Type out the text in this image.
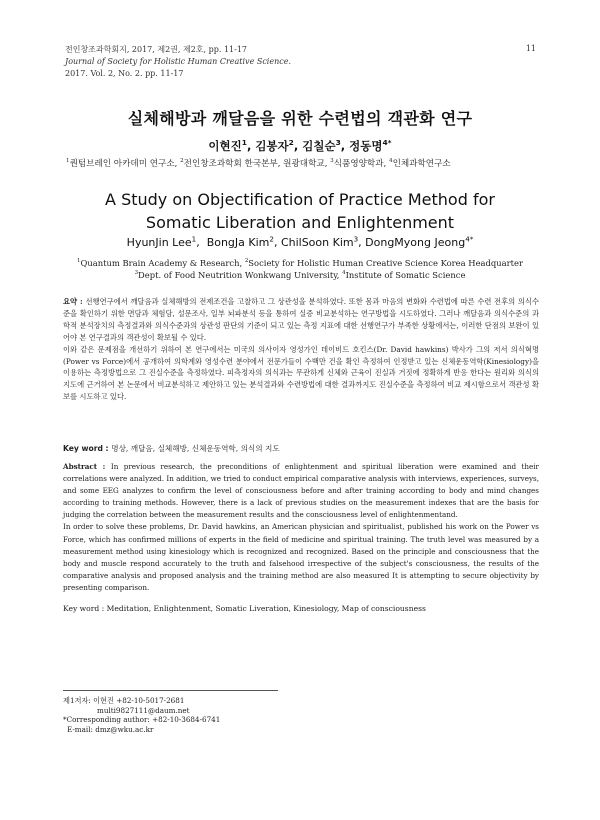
전인창조과학회지, 2017, 제2권, 제2호, pp. 11-17
Journal of Society for Holistic Human Creative Science.
2017. Vol. 2, No. 2. pp. 11-17
11
실체해방과 깨달음을 위한 수련법의 객관화 연구
이현진$^1$, 김봉자$^2$, 김칠순$^3$, 정동명$^{4*}$
$^1$퀀텀브레인 아카데미 연구소, $^2$전인창조과학회 한국본부, 원광대학교, $^3$식품영양학과, $^4$인체과학연구소
A Study on Objectification of Practice Method for
Somatic Liberation and Enlightenment
HyunJin Lee$^1$,  BongJa Kim$^2$, ChilSoon Kim$^3$, DongMyong Jeong$^{4*}$
$^1$Quantum Brain Academy & Research, $^2$Society for Holistic Human Creative Science Korea Headquarter
$^3$Dept. of Food Neutrition Wonkwang University, $^4$Institute of Somatic Science

요약 : 선행연구에서 깨달음과 실체해방의 전제조건을 고찰하고 그 상관성을 분석하였다. 또한 몸과 마음의 변화와 수련법에 따른 수련 전후의 의식수준을 확인하기 위한 면담과 체험담, 설문조사, 일부 뇌파분석 등을 통하여 실증 비교분석하는 연구방법을 시도하였다. 그러나 깨달음과 의식수준의 과학적 분석장치의 측정결과와 의식수준과의 상관성 판단의 기준이 되고 있는 측정 지표에 대한 선행연구가 부족한 상황에서는, 이러한 단점의 보완이 있어야 본 연구결과의 객관성이 확보될 수 있다.

이와 같은 문제점을 개선하기 위하여 본 연구에서는 미국의 의사이자 영성가인 데이비드 호킨스(Dr. David hawkins) 박사가 그의 저서 의식혁명(Power vs Force)에서 공개하여 의학계와 영성수련 분야에서 전문가들이 수백만 건을 확인 측정하여 인정받고 있는 신체운동역학(Kinesiology)을 이용하는 측정방법으로 그 진실수준을 측정하였다. 피측정자의 의식과는 무관하게 신체와 근육이 진실과 거짓에 정확하게 반응 한다는 원리와 의식의 지도에 근거하여 본 논문에서 비교분석하고 제안하고 있는 분석결과와 수련방법에 대한 결과까지도 진실수준을 측정하여 비교 제시함으로서 객관성 확보를 시도하고 있다.

Key word : 명상, 깨달음, 실체해방, 신체운동역학, 의식의 지도

Abstract : In previous research, the preconditions of enlightenment and spiritual liberation were examined and their correlations were analyzed. In addition, we tried to conduct empirical comparative analysis with interviews, experiences, surveys, and some EEG analyzes to confirm the level of consciousness before and after training according to body and mind changes according to training methods. However, there is a lack of previous studies on the measurement indexes that are the basis for judging the correlation between the measurement results and the consciousness level of enlightenmentand.

In order to solve these problems, Dr. David hawkins, an American physician and spiritualist, published his work on the Power vs Force, which has confirmed millions of experts in the field of medicine and spiritual training. The truth level was measured by a measurement method using kinesiology which is recognized and recognized. Based on the principle and consciousness that the body and muscle respond accurately to the truth and falsehood irrespective of the subject's consciousness, the results of the comparative analysis and proposed analysis and the training method are also measured It is attempting to secure objectivity by presenting comparison.

Key word : Meditation, Enlightenment, Somatic Liveration, Kinesiology, Map of consciousness
제1저자: 이현진 +82-10-5017-2681
multi9827111@daum.net
*Corresponding author: +82-10-3684-6741
E-mail: dmz@wku.ac.kr
